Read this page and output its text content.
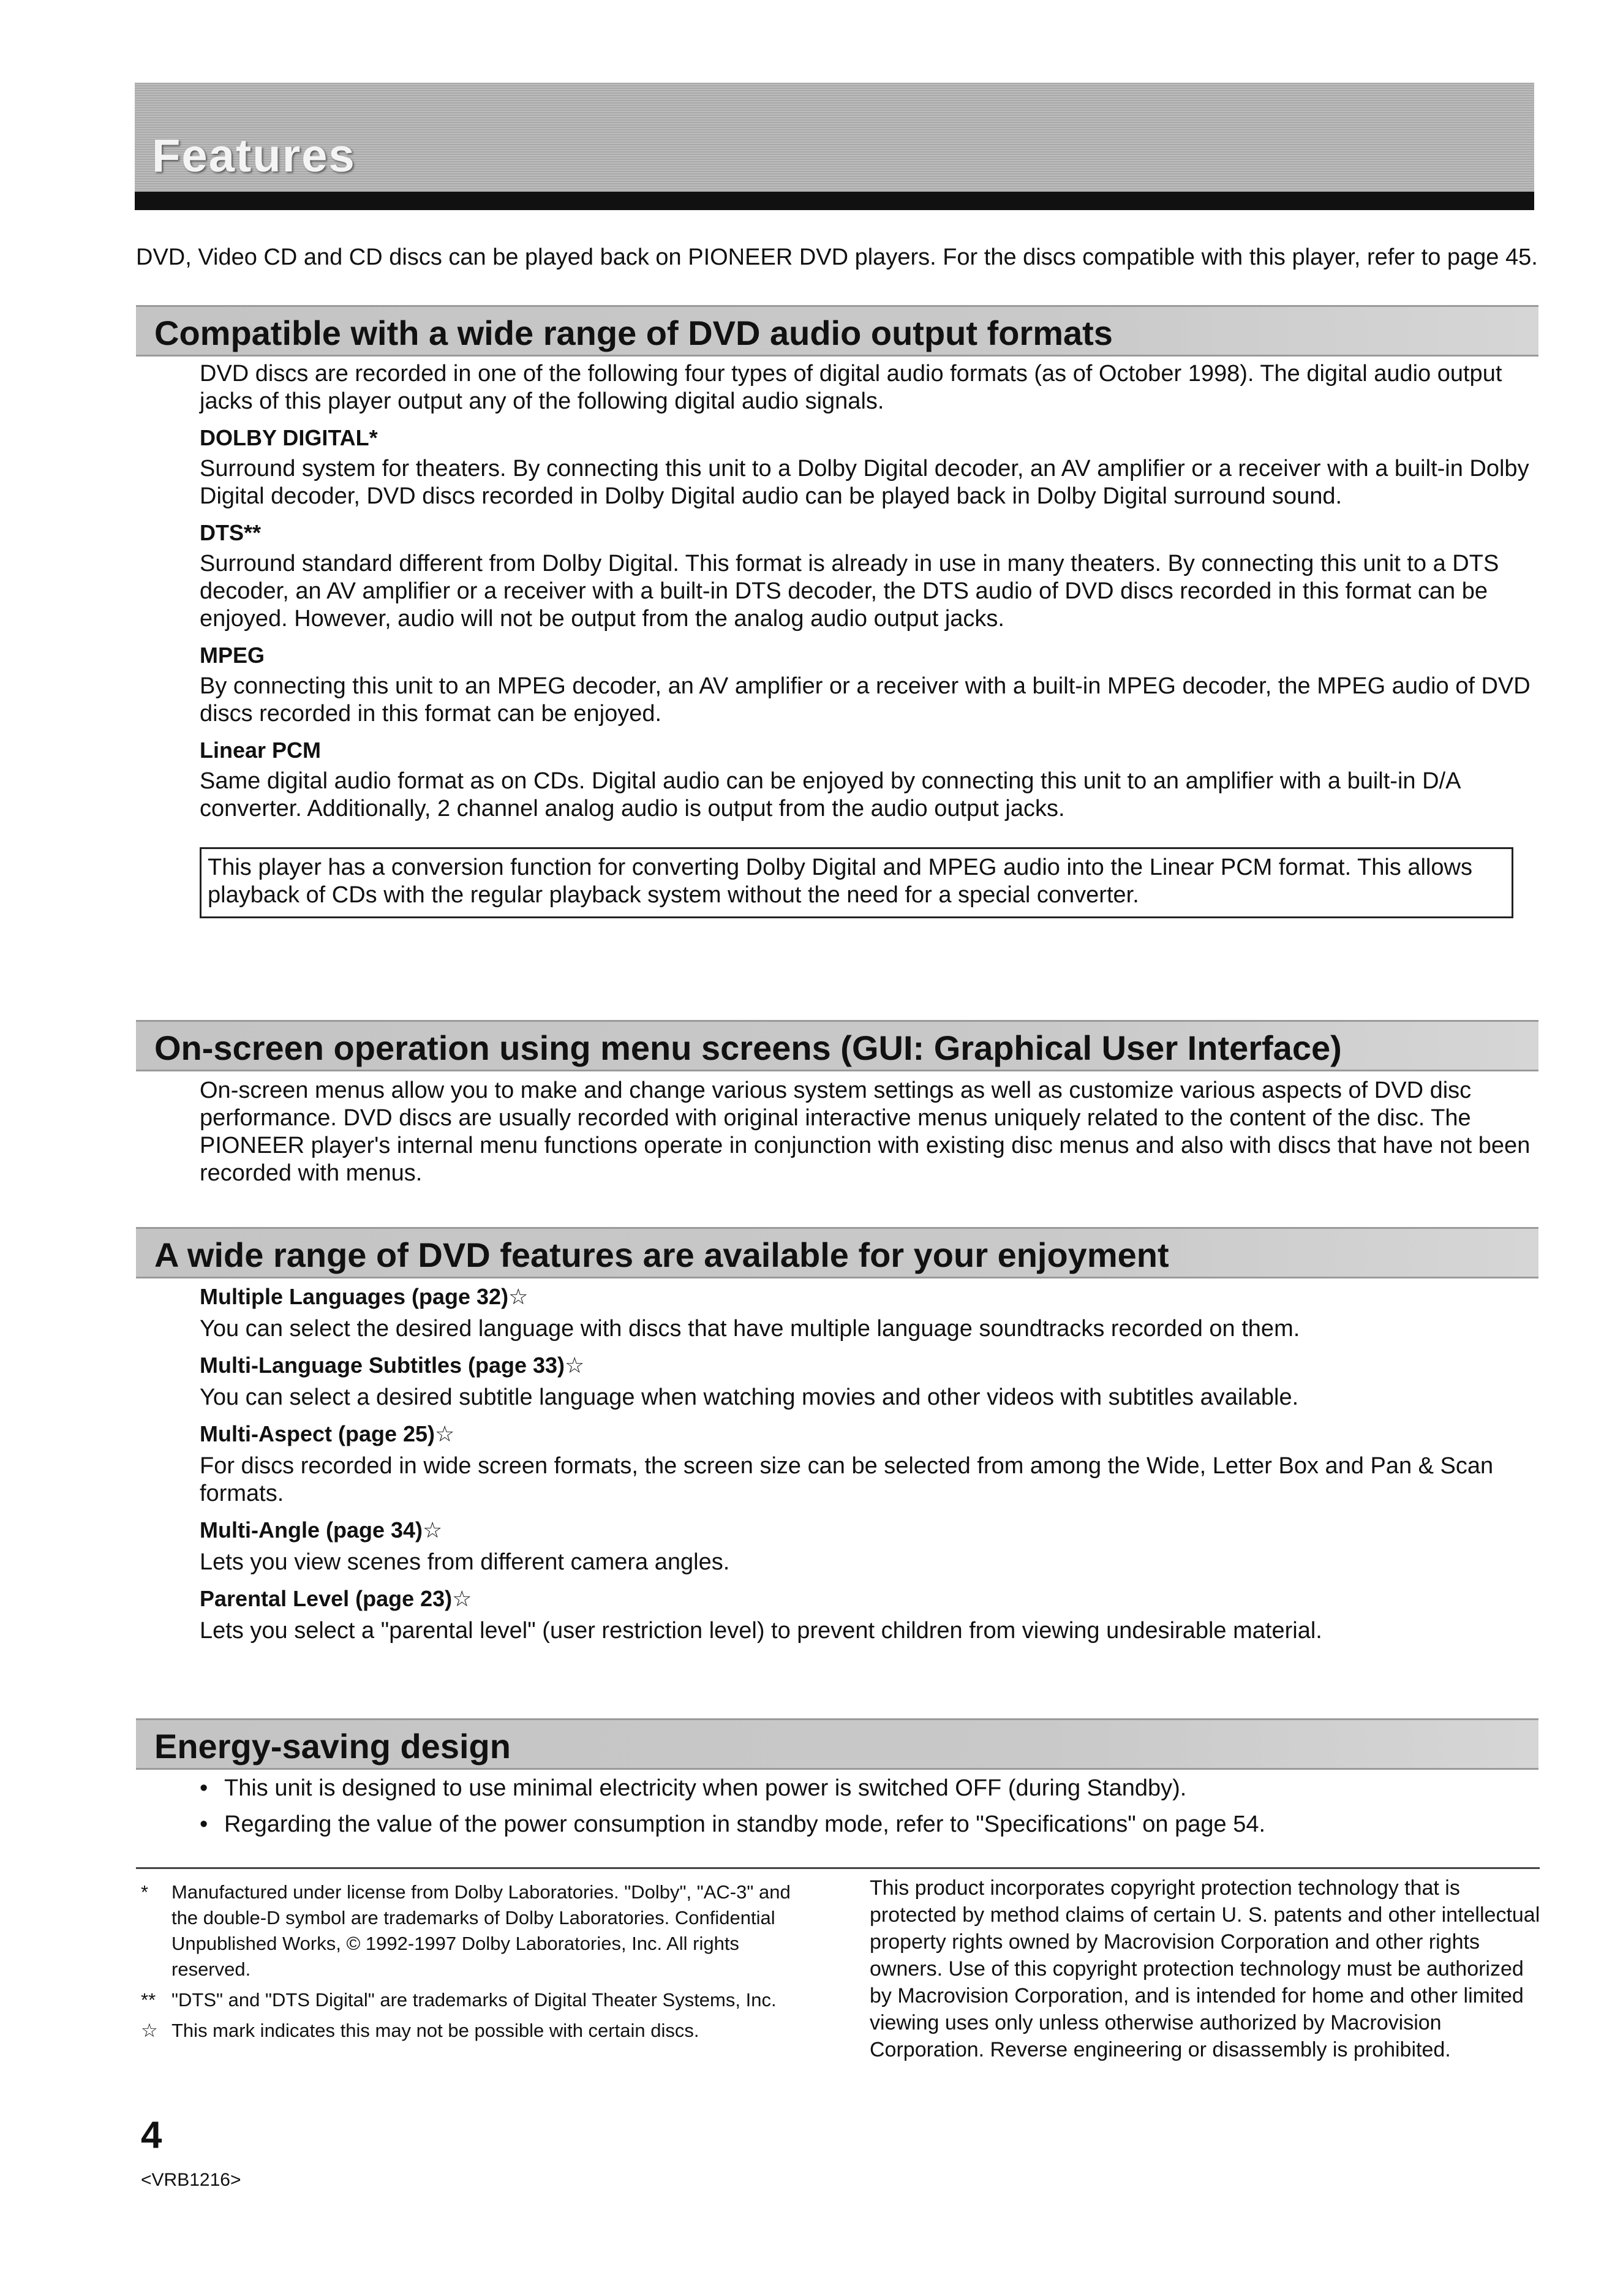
Features

DVD, Video CD and CD discs can be played back on PIONEER DVD players. For the discs compatible with this player, refer to page 45.

Compatible with a wide range of DVD audio output formats

DVD discs are recorded in one of the following four types of digital audio formats (as of October 1998). The digital audio output jacks of this player output any of the following digital audio signals.

DOLBY DIGITAL*

Surround system for theaters. By connecting this unit to a Dolby Digital decoder, an AV amplifier or a receiver with a built-in Dolby Digital decoder, DVD discs recorded in Dolby Digital audio can be played back in Dolby Digital surround sound.

DTS**

Surround standard different from Dolby Digital. This format is already in use in many theaters. By connecting this unit to a DTS decoder, an AV amplifier or a receiver with a built-in DTS decoder, the DTS audio of DVD discs recorded in this format can be enjoyed. However, audio will not be output from the analog audio output jacks.

MPEG

By connecting this unit to an MPEG decoder, an AV amplifier or a receiver with a built-in MPEG decoder, the MPEG audio of DVD discs recorded in this format can be enjoyed.

Linear PCM

Same digital audio format as on CDs. Digital audio can be enjoyed by connecting this unit to an amplifier with a built-in D/A converter. Additionally, 2 channel analog audio is output from the audio output jacks.

This player has a conversion function for converting Dolby Digital and MPEG audio into the Linear PCM format. This allows playback of CDs with the regular playback system without the need for a special converter.
On-screen operation using menu screens (GUI: Graphical User Interface)

On-screen menus allow you to make and change various system settings as well as customize various aspects of DVD disc performance. DVD discs are usually recorded with original interactive menus uniquely related to the content of the disc. The PIONEER player's internal menu functions operate in conjunction with existing disc menus and also with discs that have not been recorded with menus.

A wide range of DVD features are available for your enjoyment

Multiple Languages (page 32)☆

You can select the desired language with discs that have multiple language soundtracks recorded on them.

Multi-Language Subtitles (page 33)☆

You can select a desired subtitle language when watching movies and other videos with subtitles available.

Multi-Aspect (page 25)☆

For discs recorded in wide screen formats, the screen size can be selected from among the Wide, Letter Box and Pan & Scan formats.

Multi-Angle (page 34)☆

Lets you view scenes from different camera angles.

Parental Level (page 23)☆

Lets you select a "parental level" (user restriction level) to prevent children from viewing undesirable material.

Energy-saving design
• This unit is designed to use minimal electricity when power is switched OFF (during Standby).
• Regarding the value of the power consumption in standby mode, refer to "Specifications" on page 54.

* Manufactured under license from Dolby Laboratories. "Dolby", "AC-3" and the double-D symbol are trademarks of Dolby Laboratories. Confidential Unpublished Works, © 1992-1997 Dolby Laboratories, Inc. All rights reserved.

** "DTS" and "DTS Digital" are trademarks of Digital Theater Systems, Inc.

☆ This mark indicates this may not be possible with certain discs.

This product incorporates copyright protection technology that is protected by method claims of certain U. S. patents and other intellectual property rights owned by Macrovision Corporation and other rights owners. Use of this copyright protection technology must be authorized by Macrovision Corporation, and is intended for home and other limited viewing uses only unless otherwise authorized by Macrovision Corporation. Reverse engineering or disassembly is prohibited.

4

<VRB1216>
